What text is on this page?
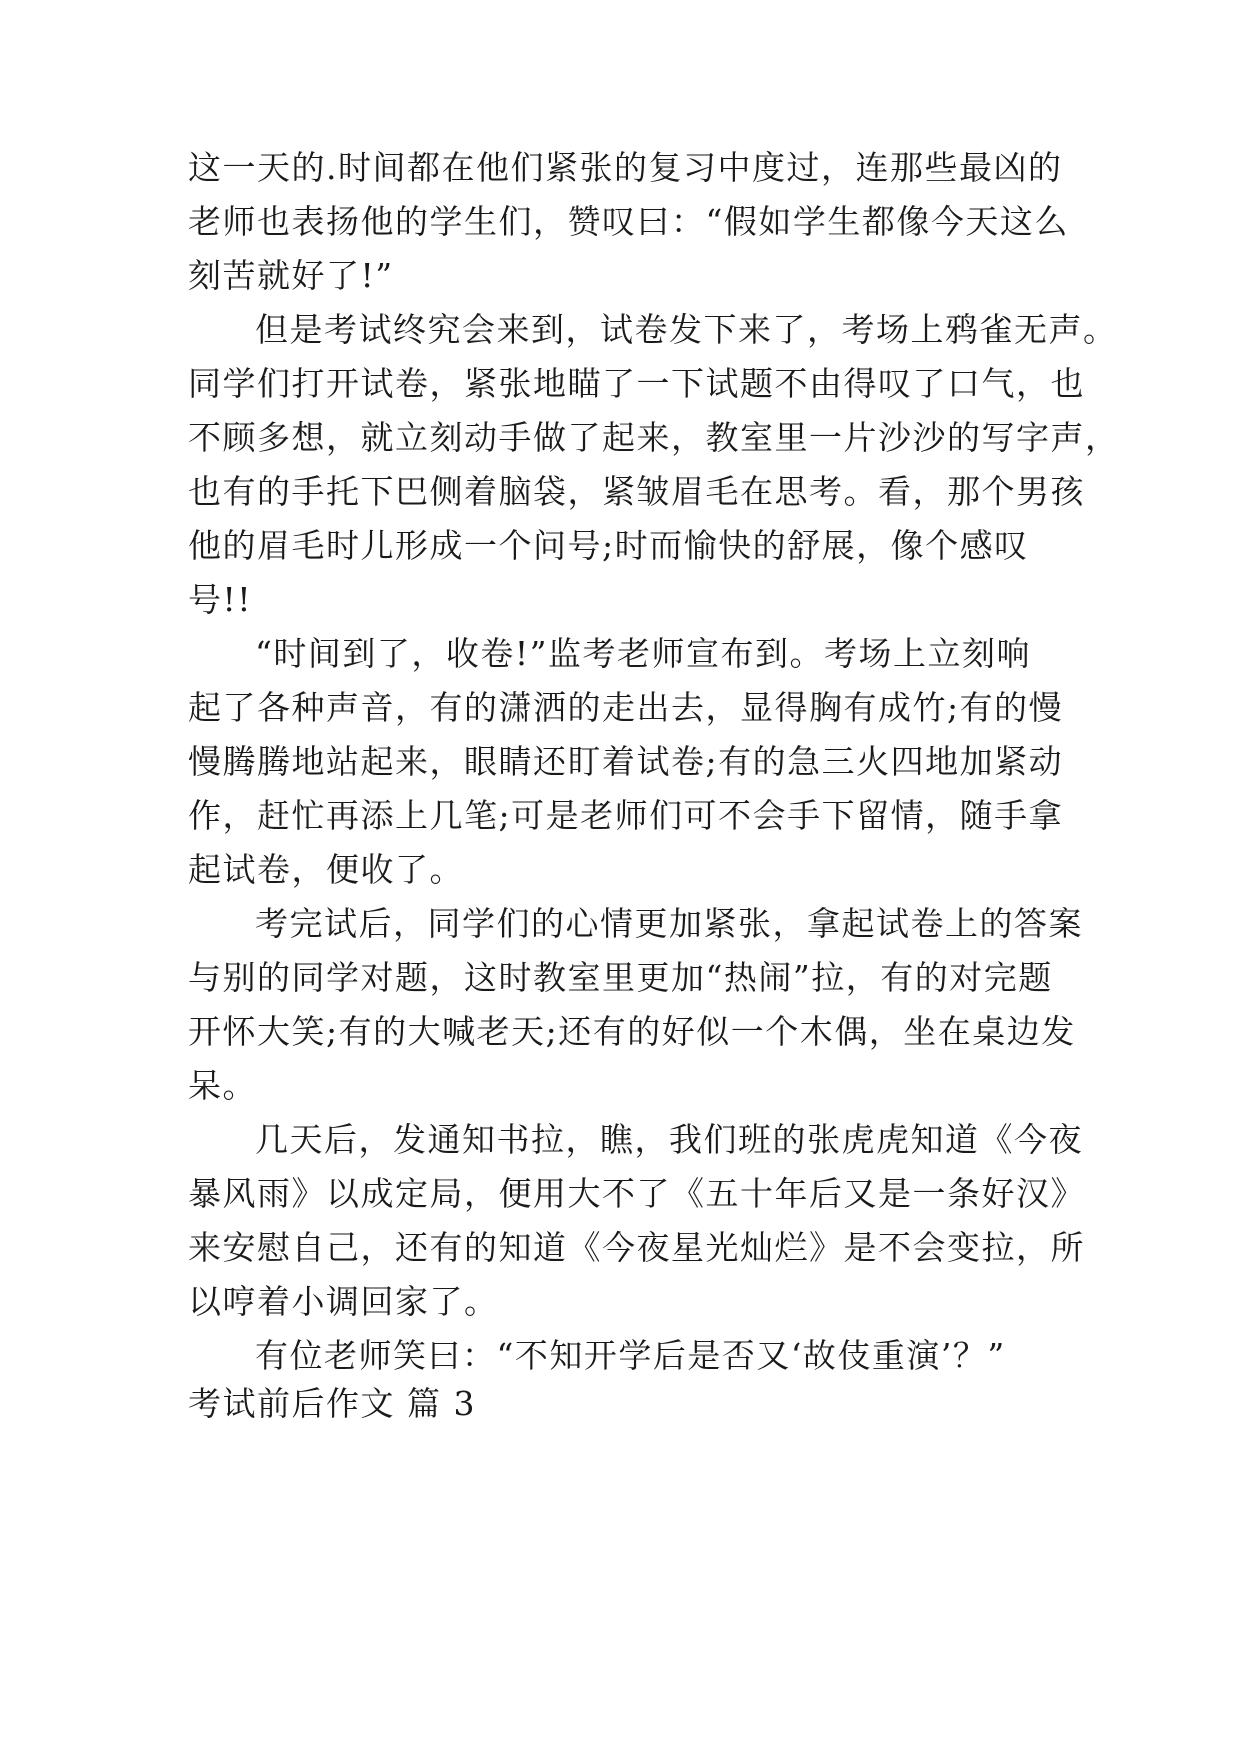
这一天的.时间都在他们紧张的复习中度过，连那些最凶的
老师也表扬他的学生们，赞叹曰：“假如学生都像今天这么
刻苦就好了!”
但是考试终究会来到，试卷发下来了，考场上鸦雀无声。
同学们打开试卷，紧张地瞄了一下试题不由得叹了口气，也
不顾多想，就立刻动手做了起来，教室里一片沙沙的写字声，
也有的手托下巴侧着脑袋，紧皱眉毛在思考。看，那个男孩
他的眉毛时儿形成一个问号;时而愉快的舒展，像个感叹
号!!
“时间到了，收卷!”监考老师宣布到。考场上立刻响
起了各种声音，有的潇洒的走出去，显得胸有成竹;有的慢
慢腾腾地站起来，眼睛还盯着试卷;有的急三火四地加紧动
作，赶忙再添上几笔;可是老师们可不会手下留情，随手拿
起试卷，便收了。
考完试后，同学们的心情更加紧张，拿起试卷上的答案
与别的同学对题，这时教室里更加“热闹”拉，有的对完题
开怀大笑;有的大喊老天;还有的好似一个木偶，坐在桌边发
呆。
几天后，发通知书拉，瞧，我们班的张虎虎知道《今夜
暴风雨》以成定局，便用大不了《五十年后又是一条好汉》
来安慰自己，还有的知道《今夜星光灿烂》是不会变拉，所
以哼着小调回家了。
有位老师笑曰：“不知开学后是否又‘故伎重演’？”
考试前后作文 篇 3
